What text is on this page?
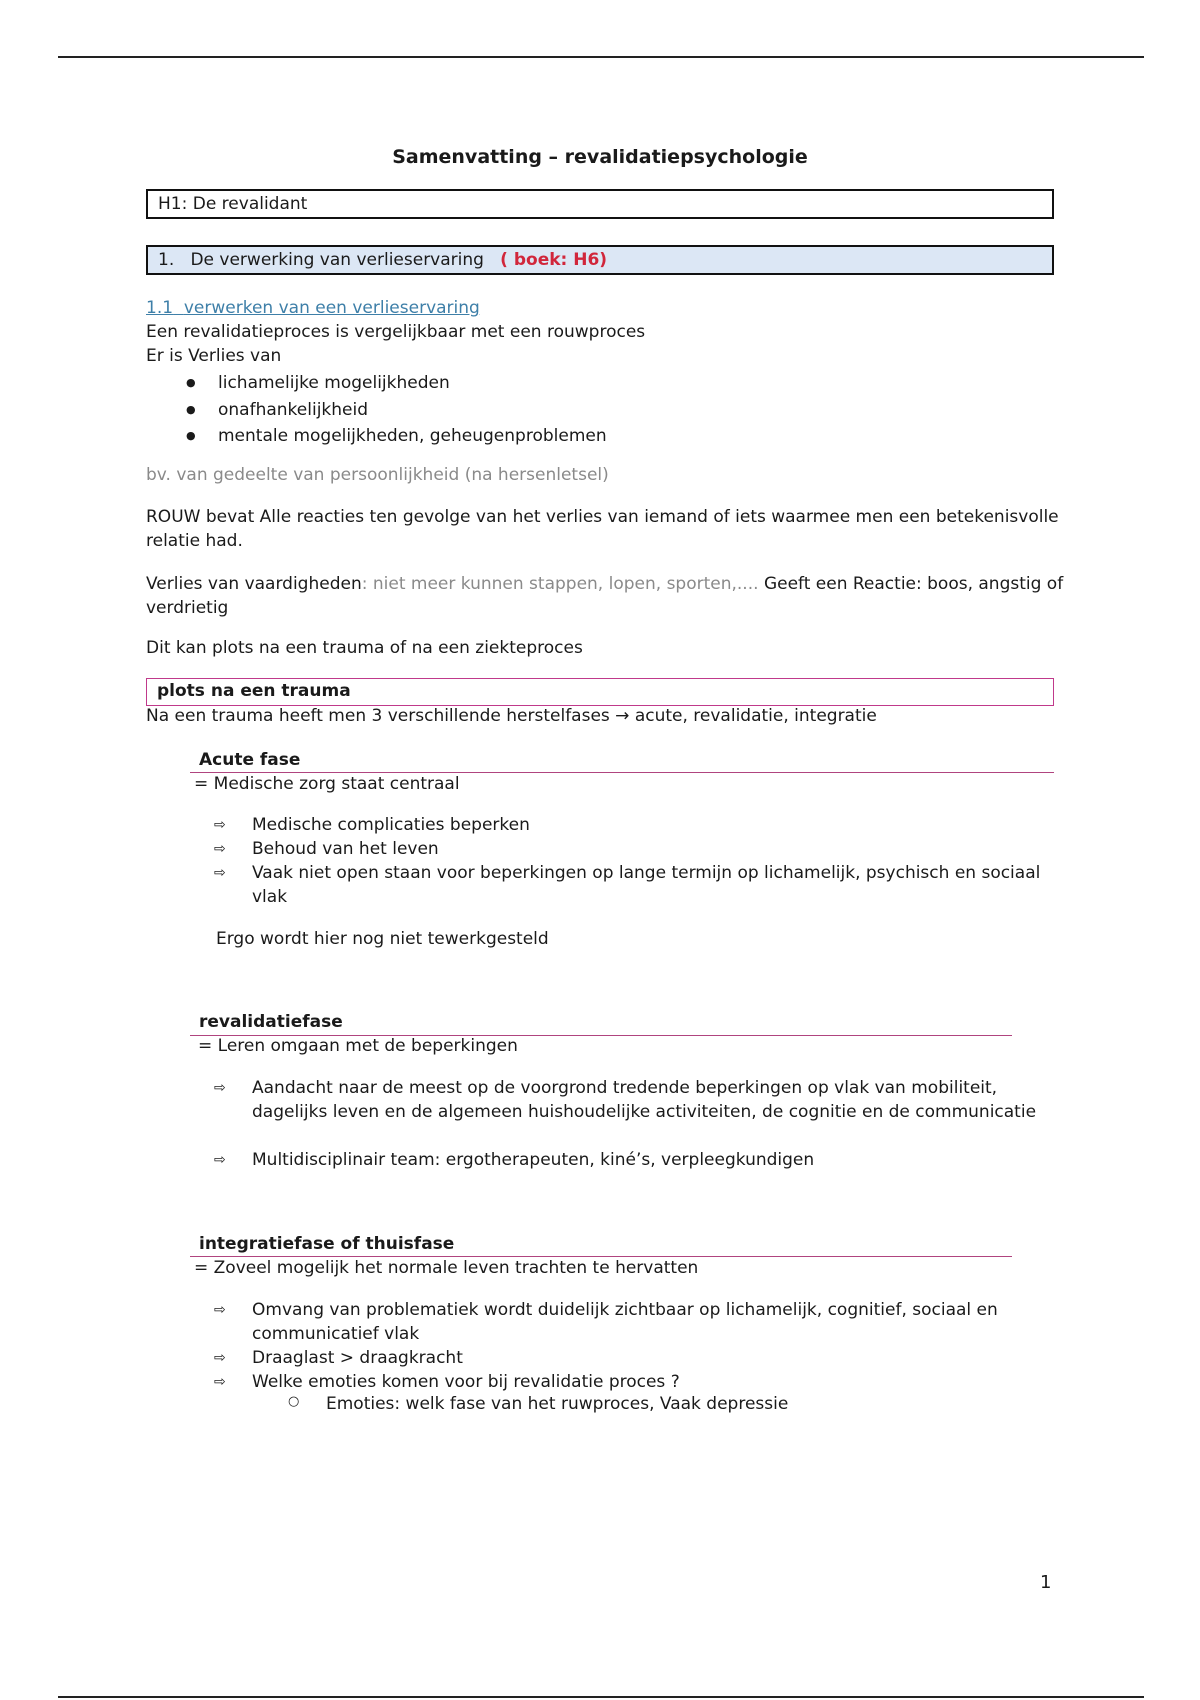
Samenvatting – revalidatiepsychologie
H1: De revalidant
1. De verwerking van verlieservaring ( boek: H6)
1.1 verwerken van een verlieservaring

Een revalidatieproces is vergelijkbaar met een rouwproces

Er is Verlies van

● lichamelijke mogelijkheden
● onafhankelijkheid
● mentale mogelijkheden, geheugenproblemen

bv. van gedeelte van persoonlijkheid (na hersenletsel)

ROUW bevat Alle reacties ten gevolge van het verlies van iemand of iets waarmee men een betekenisvolle relatie had.

Verlies van vaardigheden: niet meer kunnen stappen, lopen, sporten,.... Geeft een Reactie: boos, angstig of verdrietig

Dit kan plots na een trauma of na een ziekteproces

plots na een trauma

Na een trauma heeft men 3 verschillende herstelfases → acute, revalidatie, integratie

Acute fase

= Medische zorg staat centraal

⇨ Medische complicaties beperken
⇨ Behoud van het leven
⇨ Vaak niet open staan voor beperkingen op lange termijn op lichamelijk, psychisch en sociaal vlak

Ergo wordt hier nog niet tewerkgesteld

revalidatiefase

= Leren omgaan met de beperkingen

⇨ Aandacht naar de meest op de voorgrond tredende beperkingen op vlak van mobiliteit, dagelijks leven en de algemeen huishoudelijke activiteiten, de cognitie en de communicatie
⇨ Multidisciplinair team: ergotherapeuten, kiné’s, verpleegkundigen

integratiefase of thuisfase

= Zoveel mogelijk het normale leven trachten te hervatten

⇨ Omvang van problematiek wordt duidelijk zichtbaar op lichamelijk, cognitief, sociaal en communicatief vlak
⇨ Draaglast > draagkracht
⇨ Welke emoties komen voor bij revalidatie proces ?
○ Emoties: welk fase van het ruwproces, Vaak depressie
1
